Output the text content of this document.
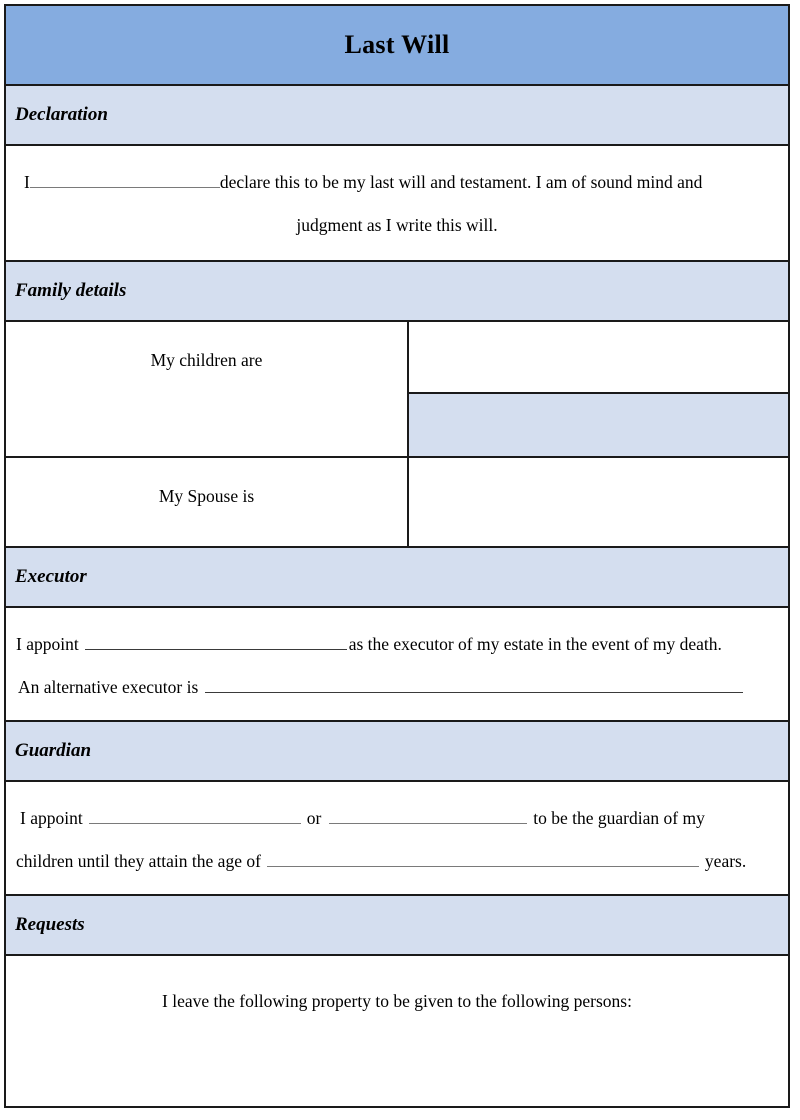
Last Will
Declaration

I	declare this to be my last will and testament. I am of sound mind and
judgment as I write this will.

Family details

My children are	

My Spouse is	

Executor

I appoint	as the executor of my estate in the event of my death.
An alternative executor is

Guardian

I appoint	or	to be the guardian of my
children until they attain the age of	years.

Requests

I leave the following property to be given to the following persons:
